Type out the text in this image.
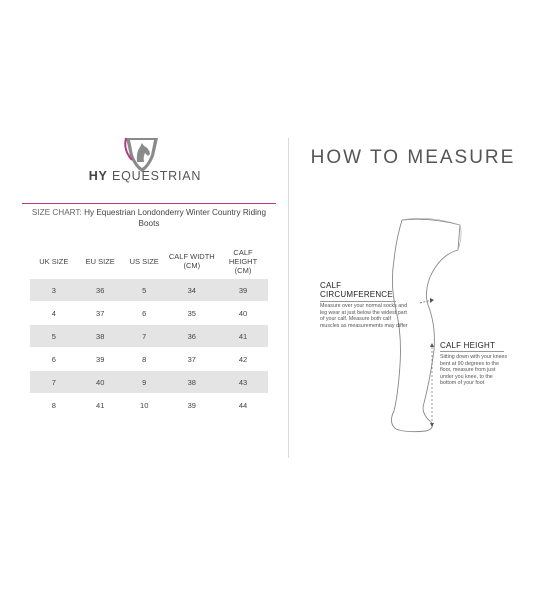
HY EQUESTRIAN
SIZE CHART: Hy Equestrian Londonderry Winter Country Riding Boots
UK SIZE	EU SIZE	US SIZE	CALF WIDTH (CM)	CALF HEIGHT (CM)
3	36	5	34	39
4	37	6	35	40
5	38	7	36	41
6	39	8	37	42
7	40	9	38	43
8	41	10	39	44
HOW TO MEASURE
CALF
CIRCUMFERENCE
Measure over your normal socks and leg wear at just below the widest part of your calf. Measure both calf muscles as measurements may differ
CALF HEIGHT
Sitting down with your knees bent at 90 degrees to the floor, measure from just under you knee, to the bottom of your foot
